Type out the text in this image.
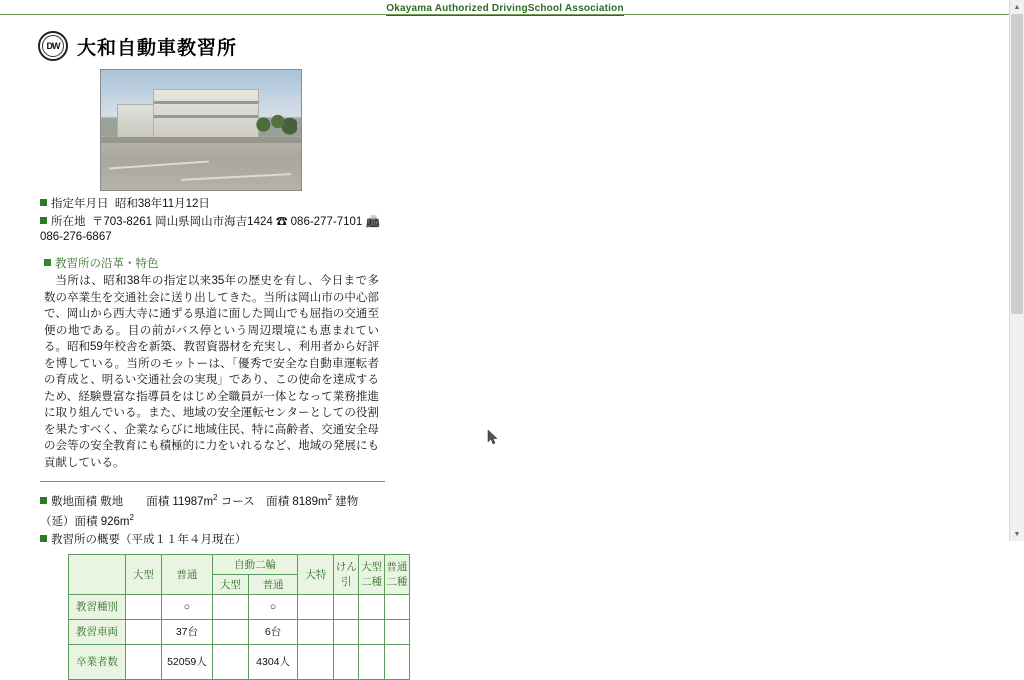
Okayama Authorized DrivingSchool Association
DW 大和自動車教習所
指定年月日 昭和38年11月12日
所在地 〒703-8261 岡山県岡山市海吉1424 ☎ 086-277-7101 📠 086-276-6867
教習所の沿革・特色
当所は、昭和38年の指定以来35年の歴史を有し、今日まで多数の卒業生を交通社会に送り出してきた。当所は岡山市の中心部で、岡山から西大寺に通ずる県道に面した岡山でも屈指の交通至便の地である。目の前がバス停という周辺環境にも恵まれている。昭和59年校舎を新築、教習資器材を充実し、利用者から好評を博している。当所のモットーは、「優秀で安全な自動車運転者の育成と、明るい交通社会の実現」であり、この使命を達成するため、経験豊富な指導員をはじめ全職員が一体となって業務推進に取り組んでいる。また、地域の安全運転センターとしての役割を果たすべく、企業ならびに地域住民、特に高齢者、交通安全母の会等の安全教育にも積極的に力をいれるなど、地域の発展にも貢献している。
敷地面積 敷地　　面積 $11987m^2$ コース　面積 $8189m^2$ 建物（延）面積 $926m^2$
教習所の概要（平成１１年４月現在）
	大型	普通	自動二輪		大特	けん引	大型二種	普通二種
			大型	普通				
教習種別		○		○				
教習車両		37台		6台				
卒業者数		52059人		4304人				
▲
▼
